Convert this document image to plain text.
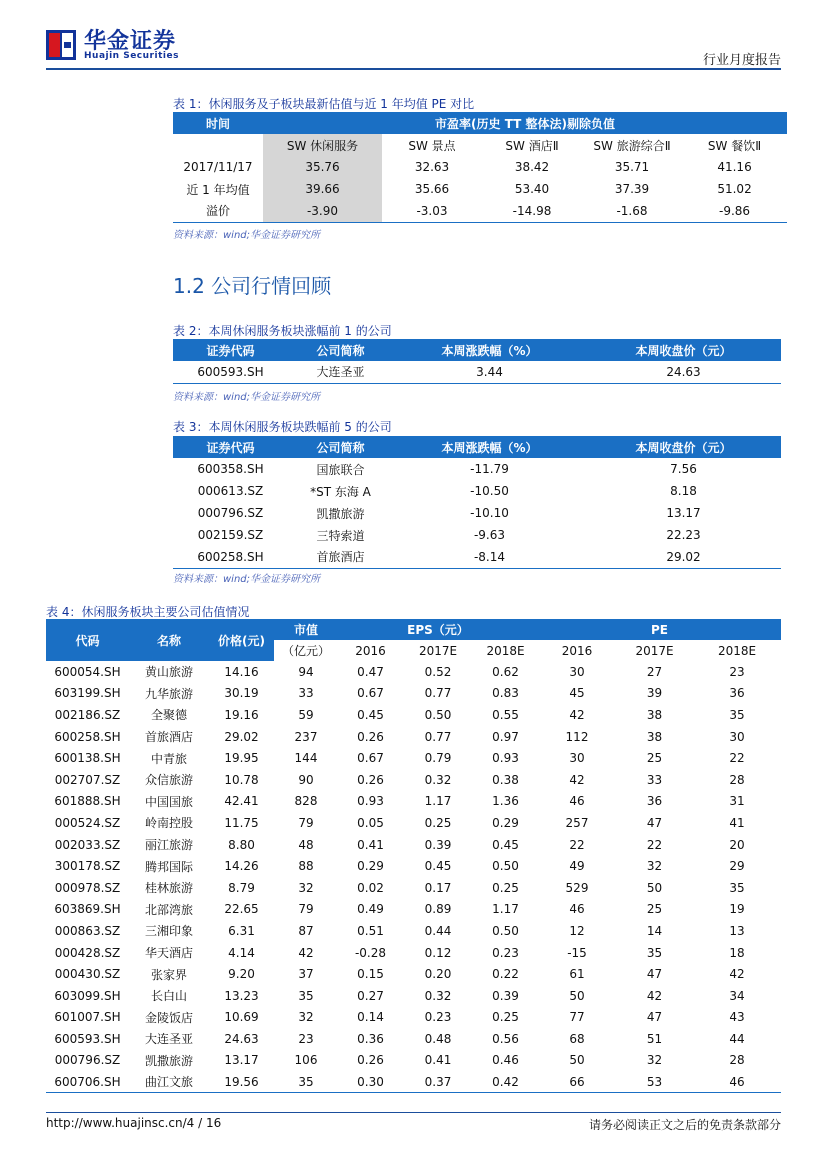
华金证券
Huajin Securities	行业月度报告
表 1：休闲服务及子板块最新估值与近 1 年均值 PE 对比
时间	市盈率(历史 TT 整体法)剔除负值				
	SW 休闲服务	SW 景点	SW 酒店Ⅱ	SW 旅游综合Ⅱ	SW 餐饮Ⅱ
2017/11/17	35.76	32.63	38.42	35.71	41.16
近 1 年均值	39.66	35.66	53.40	37.39	51.02
溢价	-3.90	-3.03	-14.98	-1.68	-9.86
资料来源：wind;华金证券研究所
1.2 公司行情回顾
表 2：本周休闲服务板块涨幅前 1 的公司
证券代码	公司简称	本周涨跌幅（%）	本周收盘价（元）
600593.SH	大连圣亚	3.44	24.63
资料来源：wind;华金证券研究所
表 3：本周休闲服务板块跌幅前 5 的公司
证券代码	公司简称	本周涨跌幅（%）	本周收盘价（元）
600358.SH	国旅联合	-11.79	7.56
000613.SZ	*ST 东海 A	-10.50	8.18
000796.SZ	凯撒旅游	-10.10	13.17
002159.SZ	三特索道	-9.63	22.23
600258.SH	首旅酒店	-8.14	29.02
资料来源：wind;华金证券研究所
表 4：休闲服务板块主要公司估值情况
代码	名称	价格(元)	市值	EPS（元）			PE		
			（亿元）	2016	2017E	2018E	2016	2017E	2018E
600054.SH	黄山旅游	14.16	94	0.47	0.52	0.62	30	27	23
603199.SH	九华旅游	30.19	33	0.67	0.77	0.83	45	39	36
002186.SZ	全聚德	19.16	59	0.45	0.50	0.55	42	38	35
600258.SH	首旅酒店	29.02	237	0.26	0.77	0.97	112	38	30
600138.SH	中青旅	19.95	144	0.67	0.79	0.93	30	25	22
002707.SZ	众信旅游	10.78	90	0.26	0.32	0.38	42	33	28
601888.SH	中国国旅	42.41	828	0.93	1.17	1.36	46	36	31
000524.SZ	岭南控股	11.75	79	0.05	0.25	0.29	257	47	41
002033.SZ	丽江旅游	8.80	48	0.41	0.39	0.45	22	22	20
300178.SZ	腾邦国际	14.26	88	0.29	0.45	0.50	49	32	29
000978.SZ	桂林旅游	8.79	32	0.02	0.17	0.25	529	50	35
603869.SH	北部湾旅	22.65	79	0.49	0.89	1.17	46	25	19
000863.SZ	三湘印象	6.31	87	0.51	0.44	0.50	12	14	13
000428.SZ	华天酒店	4.14	42	-0.28	0.12	0.23	-15	35	18
000430.SZ	张家界	9.20	37	0.15	0.20	0.22	61	47	42
603099.SH	长白山	13.23	35	0.27	0.32	0.39	50	42	34
601007.SH	金陵饭店	10.69	32	0.14	0.23	0.25	77	47	43
600593.SH	大连圣亚	24.63	23	0.36	0.48	0.56	68	51	44
000796.SZ	凯撒旅游	13.17	106	0.26	0.41	0.46	50	32	28
600706.SH	曲江文旅	19.56	35	0.30	0.37	0.42	66	53	46
http://www.huajinsc.cn/4 / 16	请务必阅读正文之后的免责条款部分
